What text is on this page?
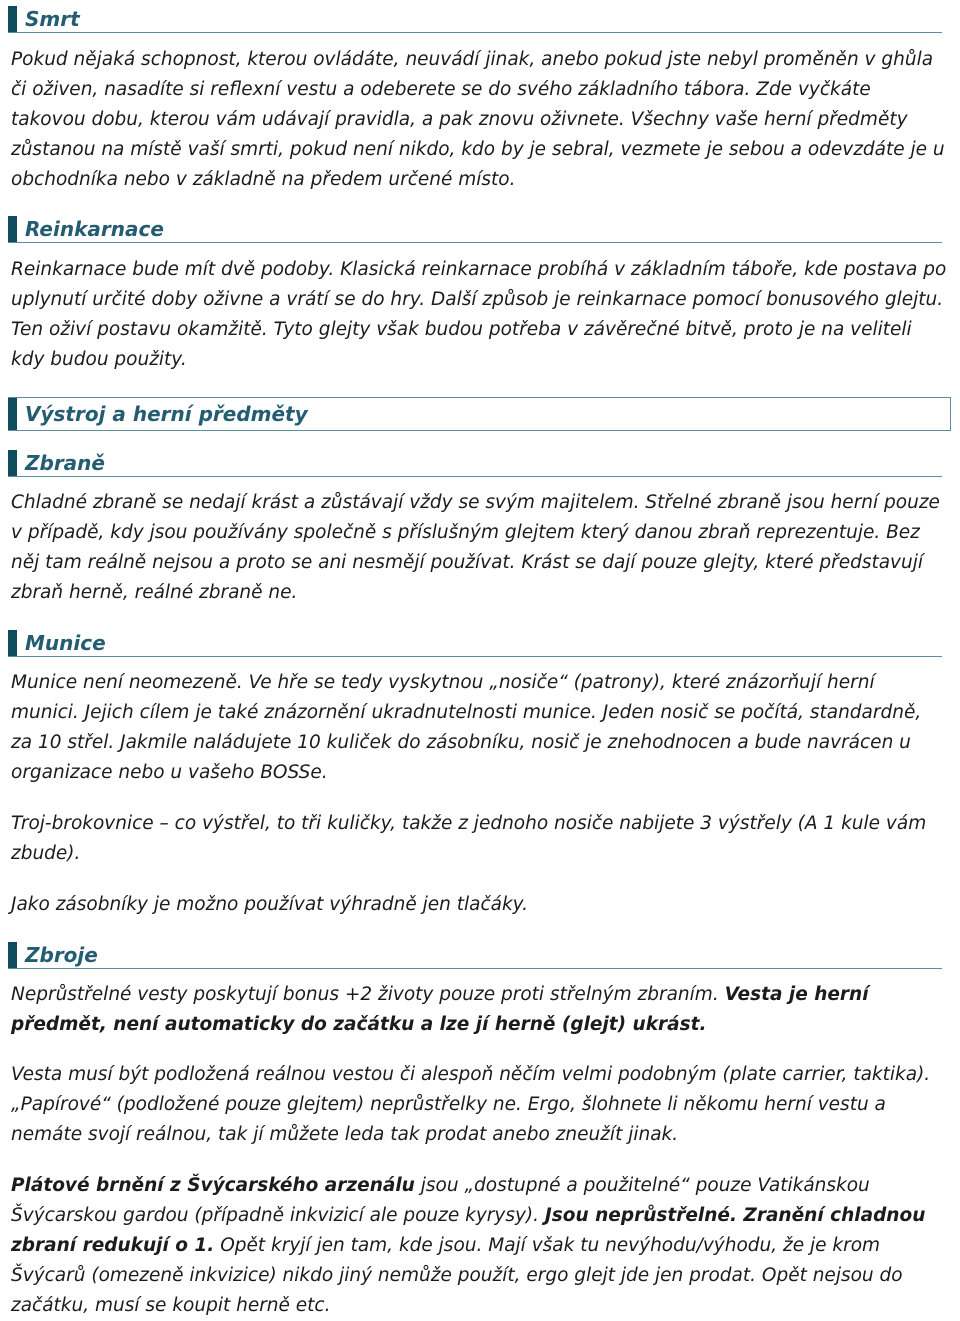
Smrt
Pokud nějaká schopnost, kterou ovládáte, neuvádí jinak, anebo pokud jste nebyl proměněn v ghůla či oživen, nasadíte si reflexní vestu a odeberete se do svého základního tábora. Zde vyčkáte takovou dobu, kterou vám udávají pravidla, a pak znovu oživnete. Všechny vaše herní předměty zůstanou na místě vaší smrti, pokud není nikdo, kdo by je sebral, vezmete je sebou a odevzdáte je u obchodníka nebo v základně na předem určené místo.
Reinkarnace
Reinkarnace bude mít dvě podoby. Klasická reinkarnace probíhá v základním táboře, kde postava po uplynutí určité doby oživne a vrátí se do hry. Další způsob je reinkarnace pomocí bonusového glejtu. Ten oživí postavu okamžitě. Tyto glejty však budou potřeba v závěrečné bitvě, proto je na veliteli kdy budou použity.
Výstroj a herní předměty
Zbraně
Chladné zbraně se nedají krást a zůstávají vždy se svým majitelem. Střelné zbraně jsou herní pouze v případě, kdy jsou používány společně s příslušným glejtem který danou zbraň reprezentuje. Bez něj tam reálně nejsou a proto se ani nesmějí používat. Krást se dají pouze glejty, které představují zbraň herně, reálné zbraně ne.
Munice
Munice není neomezeně. Ve hře se tedy vyskytnou „nosiče“ (patrony), které znázorňují herní munici. Jejich cílem je také znázornění ukradnutelnosti munice. Jeden nosič se počítá, standardně, za 10 střel. Jakmile naládujete 10 kuliček do zásobníku, nosič je znehodnocen a bude navrácen u organizace nebo u vašeho BOSSe.
Troj-brokovnice – co výstřel, to tři kuličky, takže z jednoho nosiče nabijete 3 výstřely (A 1 kule vám zbude).
Jako zásobníky je možno používat výhradně jen tlačáky.
Zbroje
Neprůstřelné vesty poskytují bonus +2 životy pouze proti střelným zbraním. Vesta je herní předmět, není automaticky do začátku a lze jí herně (glejt) ukrást.
Vesta musí být podložená reálnou vestou či alespoň něčím velmi podobným (plate carrier, taktika). „Papírové“ (podložené pouze glejtem) neprůstřelky ne. Ergo, šlohnete li někomu herní vestu a nemáte svojí reálnou, tak jí můžete leda tak prodat anebo zneužít jinak.
Plátové brnění z Švýcarského arzenálu jsou „dostupné a použitelné“ pouze Vatikánskou Švýcarskou gardou (případně inkvizicí ale pouze kyrysy). Jsou neprůstřelné. Zranění chladnou zbraní redukují o 1. Opět kryjí jen tam, kde jsou. Mají však tu nevýhodu/výhodu, že je krom Švýcarů (omezeně inkvizice) nikdo jiný nemůže použít, ergo glejt jde jen prodat. Opět nejsou do začátku, musí se koupit herně etc.
